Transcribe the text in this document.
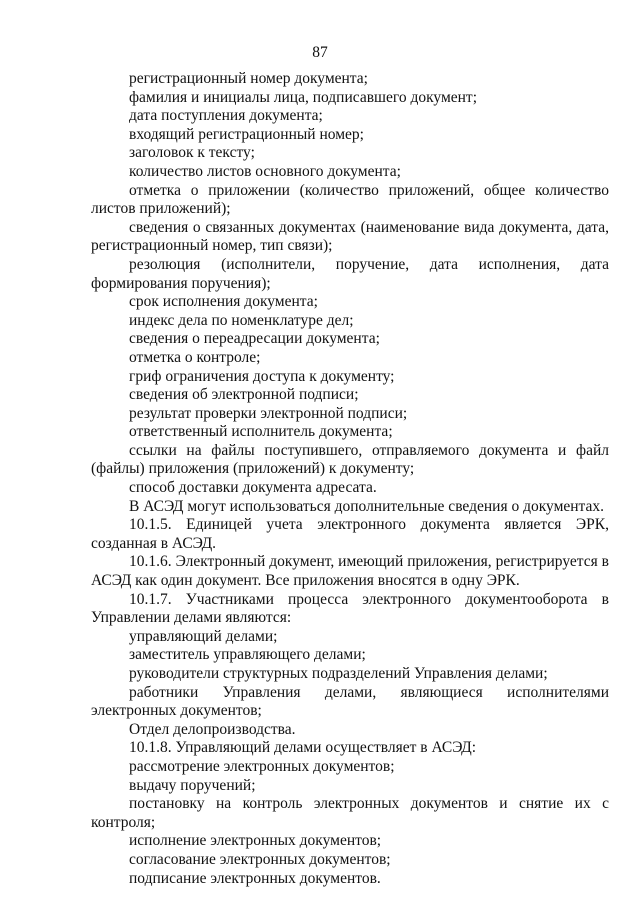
87

регистрационный номер документа;

фамилия и инициалы лица, подписавшего документ;

дата поступления документа;

входящий регистрационный номер;

заголовок к тексту;

количество листов основного документа;

отметка о приложении (количество приложений, общее количество листов приложений);

сведения о связанных документах (наименование вида документа, дата, регистрационный номер, тип связи);

резолюция (исполнители, поручение, дата исполнения, дата формирования поручения);

срок исполнения документа;

индекс дела по номенклатуре дел;

сведения о переадресации документа;

отметка о контроле;

гриф ограничения доступа к документу;

сведения об электронной подписи;

результат проверки электронной подписи;

ответственный исполнитель документа;

ссылки на файлы поступившего, отправляемого документа и файл (файлы) приложения (приложений) к документу;

способ доставки документа адресата.

В АСЭД могут использоваться дополнительные сведения о документах.

10.1.5. Единицей учета электронного документа является ЭРК, созданная в АСЭД.

10.1.6. Электронный документ, имеющий приложения, регистрируется в АСЭД как один документ. Все приложения вносятся в одну ЭРК.

10.1.7. Участниками процесса электронного документооборота в Управлении делами являются:

управляющий делами;

заместитель управляющего делами;

руководители структурных подразделений Управления делами;

работники Управления делами, являющиеся исполнителями электронных документов;

Отдел делопроизводства.

10.1.8. Управляющий делами осуществляет в АСЭД:

рассмотрение электронных документов;

выдачу поручений;

постановку на контроль электронных документов и снятие их с контроля;

исполнение электронных документов;

согласование электронных документов;

подписание электронных документов.
